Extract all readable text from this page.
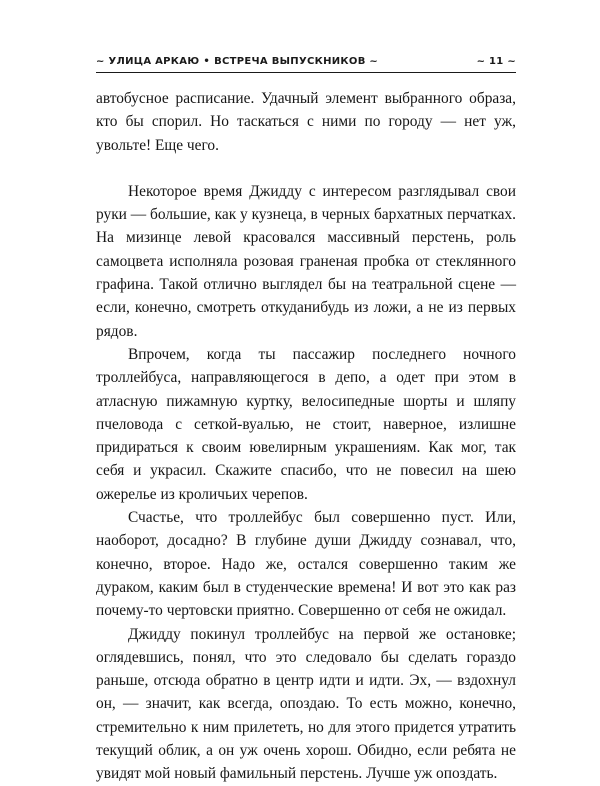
~ УЛИЦА АРКАЮ • ВСТРЕЧА ВЫПУСКНИКОВ ~	~ 11 ~

автобусное расписание. Удачный элемент выбранного образа, кто бы спорил. Но таскаться с ними по городу — нет уж, увольте! Еще чего.

Некоторое время Джидду с интересом разглядывал свои руки — большие, как у кузнеца, в черных бархатных перчатках. На мизинце левой красовался массивный перстень, роль самоцвета исполняла розовая граненая пробка от стеклянного графина. Такой отлично выглядел бы на театральной сцене — если, конечно, смотреть откуданибудь из ложи, а не из первых рядов.

Впрочем, когда ты пассажир последнего ночного троллейбуса, направляющегося в депо, а одет при этом в атласную пижамную куртку, велосипедные шорты и шляпу пчеловода с сеткой-вуалью, не стоит, наверное, излишне придираться к своим ювелирным украшениям. Как мог, так себя и украсил. Скажите спасибо, что не повесил на шею ожерелье из кроличьих черепов.

Счастье, что троллейбус был совершенно пуст. Или, наоборот, досадно? В глубине души Джидду сознавал, что, конечно, второе. Надо же, остался совершенно таким же дураком, каким был в студенческие времена! И вот это как раз почему-то чертовски приятно. Совершенно от себя не ожидал.

Джидду покинул троллейбус на первой же остановке; оглядевшись, понял, что это следовало бы сделать гораздо раньше, отсюда обратно в центр идти и идти. Эх, — вздохнул он, — значит, как всегда, опоздаю. То есть можно, конечно, стремительно к ним прилететь, но для этого придется утратить текущий облик, а он уж очень хорош. Обидно, если ребята не увидят мой новый фамильный перстень. Лучше уж опоздать.
